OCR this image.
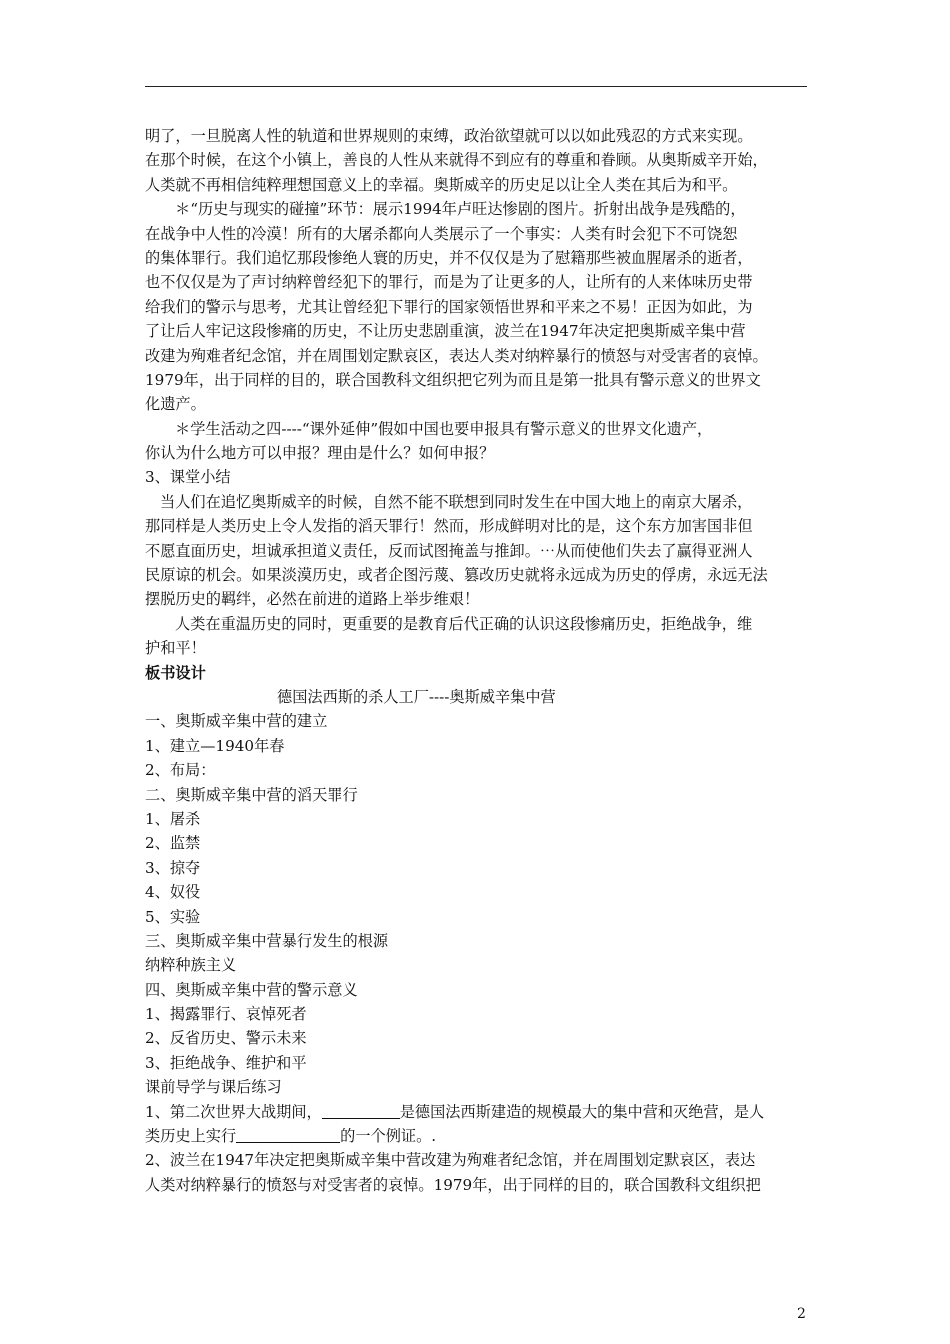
明了，一旦脱离人性的轨道和世界规则的束缚，政治欲望就可以以如此残忍的方式来实现。
在那个时候，在这个小镇上，善良的人性从来就得不到应有的尊重和眷顾。从奥斯威辛开始，
人类就不再相信纯粹理想国意义上的幸福。奥斯威辛的历史足以让全人类在其后为和平。
＊“历史与现实的碰撞”环节：展示1994年卢旺达惨剧的图片。折射出战争是残酷的，
在战争中人性的冷漠！所有的大屠杀都向人类展示了一个事实：人类有时会犯下不可饶恕
的集体罪行。我们追忆那段惨绝人寰的历史，并不仅仅是为了慰籍那些被血腥屠杀的逝者，
也不仅仅是为了声讨纳粹曾经犯下的罪行，而是为了让更多的人，让所有的人来体味历史带
给我们的警示与思考，尤其让曾经犯下罪行的国家领悟世界和平来之不易！正因为如此，为
了让后人牢记这段惨痛的历史，不让历史悲剧重演，波兰在1947年决定把奥斯威辛集中营
改建为殉难者纪念馆，并在周围划定默哀区，表达人类对纳粹暴行的愤怒与对受害者的哀悼。
1979年，出于同样的目的，联合国教科文组织把它列为而且是第一批具有警示意义的世界文
化遗产。
＊学生活动之四----“课外延伸”假如中国也要申报具有警示意义的世界文化遗产，
你认为什么地方可以申报？理由是什么？如何申报？
3、课堂小结
当人们在追忆奥斯威辛的时候，自然不能不联想到同时发生在中国大地上的南京大屠杀，
那同样是人类历史上令人发指的滔天罪行！然而，形成鲜明对比的是，这个东方加害国非但
不愿直面历史，坦诚承担道义责任，反而试图掩盖与推卸。⋯从而使他们失去了赢得亚洲人
民原谅的机会。如果淡漠历史，或者企图污蔑、篡改历史就将永远成为历史的俘虏，永远无法
摆脱历史的羁绊，必然在前进的道路上举步维艰！
人类在重温历史的同时，更重要的是教育后代正确的认识这段惨痛历史，拒绝战争，维
护和平！
板书设计
德国法西斯的杀人工厂----奥斯威辛集中营
一、奥斯威辛集中营的建立
1、建立—1940年春
2、布局：
二、奥斯威辛集中营的滔天罪行
1、屠杀
2、监禁
3、掠夺
4、奴役
5、实验
三、奥斯威辛集中营暴行发生的根源
纳粹种族主义
四、奥斯威辛集中营的警示意义
1、揭露罪行、哀悼死者
2、反省历史、警示未来
3、拒绝战争、维护和平
课前导学与课后练习
1、第二次世界大战期间，	是德国法西斯建造的规模最大的集中营和灭绝营，是人
类历史上实行	的一个例证。.
2、波兰在1947年决定把奥斯威辛集中营改建为殉难者纪念馆，并在周围划定默哀区，表达
人类对纳粹暴行的愤怒与对受害者的哀悼。1979年，出于同样的目的，联合国教科文组织把
2
